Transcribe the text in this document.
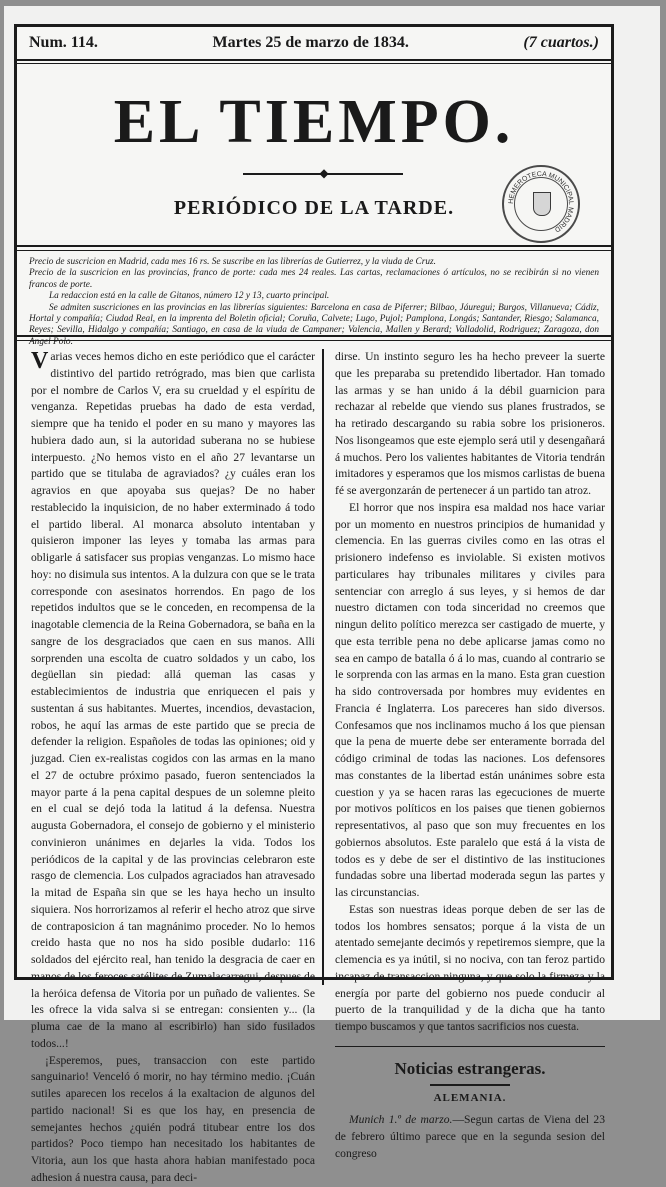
Num. 114.	Martes 25 de marzo de 1834.	(7 cuartos.)
EL TIEMPO.
◆
PERIÓDICO DE LA TARDE.	HEMEROTECA MUNICIPAL MADRID

Precio de suscricion en Madrid, cada mes 16 rs. Se suscribe en las librerías de Gutierrez, y la viuda de Cruz.

Precio de la suscricion en las provincias, franco de porte: cada mes 24 reales. Las cartas, reclamaciones ó artículos, no se recibirán si no vienen francos de porte.

La redaccion está en la calle de Gitanos, número 12 y 13, cuarto principal.

Se admiten suscriciones en las provincias en las librerías siguientes: Barcelona en casa de Piferrer; Bilbao, Jáuregui; Burgos, Villanueva; Cádiz, Hortal y compañía; Ciudad Real, en la imprenta del Boletin oficial; Coruña, Calvete; Lugo, Pujol; Pamplona, Longás; Santander, Riesgo; Salamanca, Reyes; Sevilla, Hidalgo y compañía; Santiago, en casa de la viuda de Campaner; Valencia, Mallen y Berard; Valladolid, Rodriguez; Zaragoza, don Angel Polo.

Varias veces hemos dicho en este periódico que el carácter distintivo del partido retrógrado, mas bien que carlista por el nombre de Carlos V, era su crueldad y el espíritu de venganza. Repetidas pruebas ha dado de esta verdad, siempre que ha tenido el poder en su mano y mayores las hubiera dado aun, si la autoridad suberana no se hubiese interpuesto. ¿No hemos visto en el año 27 levantarse un partido que se titulaba de agraviados? ¿y cuáles eran los agravios en que apoyaba sus quejas? De no haber restablecido la inquisicion, de no haber exterminado á todo el partido liberal. Al monarca absoluto intentaban y quisieron imponer las leyes y tomaba las armas para obligarle á satisfacer sus propias venganzas. Lo mismo hace hoy: no disimula sus intentos. A la dulzura con que se le trata corresponde con asesinatos horrendos. En pago de los repetidos indultos que se le conceden, en recompensa de la inagotable clemencia de la Reina Gobernadora, se baña en la sangre de los desgraciados que caen en sus manos. Alli sorprenden una escolta de cuatro soldados y un cabo, los degüellan sin piedad: allá queman las casas y establecimientos de industria que enriquecen el pais y sustentan á sus habitantes. Muertes, incendios, devastacion, robos, he aquí las armas de este partido que se precia de defender la religion. Españoles de todas las opiniones; oid y juzgad. Cien ex-realistas cogidos con las armas en la mano el 27 de octubre próximo pasado, fueron sentenciados la mayor parte á la pena capital despues de un solemne pleito en el cual se dejó toda la latitud á la defensa. Nuestra augusta Gobernadora, el consejo de gobierno y el ministerio convinieron unánimes en dejarles la vida. Todos los periódicos de la capital y de las provincias celebraron este rasgo de clemencia. Los culpados agraciados han atravesado la mitad de España sin que se les haya hecho un insulto siquiera. Nos horrorizamos al referir el hecho atroz que sirve de contraposicion á tan magnánimo proceder. No lo hemos creido hasta que no nos ha sido posible dudarlo: 116 soldados del ejército real, han tenido la desgracia de caer en manos de los feroces satélites de Zumalacarregui, despues de la heróica defensa de Vitoria por un puñado de valientes. Se les ofrece la vida salva si se entregan: consienten y... (la pluma cae de la mano al escribirlo) han sido fusilados todos...!

¡Esperemos, pues, transaccion con este partido sanguinario! Venceló ó morir, no hay término medio. ¡Cuán sutiles aparecen los recelos á la exaltacion de algunos del partido nacional! Si es que los hay, en presencia de semejantes hechos ¿quién podrá titubear entre los dos partidos? Poco tiempo han necesitado los habitantes de Vitoria, aun los que hasta ahora habian manifestado poca adhesion á nuestra causa, para deci-

dirse. Un instinto seguro les ha hecho preveer la suerte que les preparaba su pretendido libertador. Han tomado las armas y se han unido á la débil guarnicion para rechazar al rebelde que viendo sus planes frustrados, se ha retirado descargando su rabia sobre los prisioneros. Nos lisongeamos que este ejemplo será util y desengañará á muchos. Pero los valientes habitantes de Vitoria tendrán imitadores y esperamos que los mismos carlistas de buena fé se avergonzarán de pertenecer á un partido tan atroz.

El horror que nos inspira esa maldad nos hace variar por un momento en nuestros principios de humanidad y clemencia. En las guerras civiles como en las otras el prisionero indefenso es inviolable. Si existen motivos particulares hay tribunales militares y civiles para sentenciar con arreglo á sus leyes, y si hemos de dar nuestro dictamen con toda sinceridad no creemos que ningun delito político merezca ser castigado de muerte, y que esta terrible pena no debe aplicarse jamas como no sea en campo de batalla ó á lo mas, cuando al contrario se le sorprenda con las armas en la mano. Esta gran cuestion ha sido controversada por hombres muy evidentes en Francia é Inglaterra. Los pareceres han sido diversos. Confesamos que nos inclinamos mucho á los que piensan que la pena de muerte debe ser enteramente borrada del código criminal de todas las naciones. Los defensores mas constantes de la libertad están unánimes sobre esta cuestion y ya se hacen raras las egecuciones de muerte por motivos políticos en los paises que tienen gobiernos representativos, al paso que son muy frecuentes en los gobiernos absolutos. Este paralelo que está á la vista de todos es y debe de ser el distintivo de las instituciones fundadas sobre una libertad moderada segun las partes y las circunstancias.

Estas son nuestras ideas porque deben de ser las de todos los hombres sensatos; porque á la vista de un atentado semejante decimós y repetiremos siempre, que la clemencia es ya inútil, si no nociva, con tan feroz partido incapaz de transaccion ninguna, y que solo la firmeza y la energía por parte del gobierno nos puede conducir al puerto de la tranquilidad y de la dicha que ha tanto tiempo buscamos y que tantos sacrificios nos cuesta.

Noticias estrangeras.
ALEMANIA.

Munich 1.º de marzo.—Segun cartas de Viena del 23 de febrero último parece que en la segunda sesion del congreso
